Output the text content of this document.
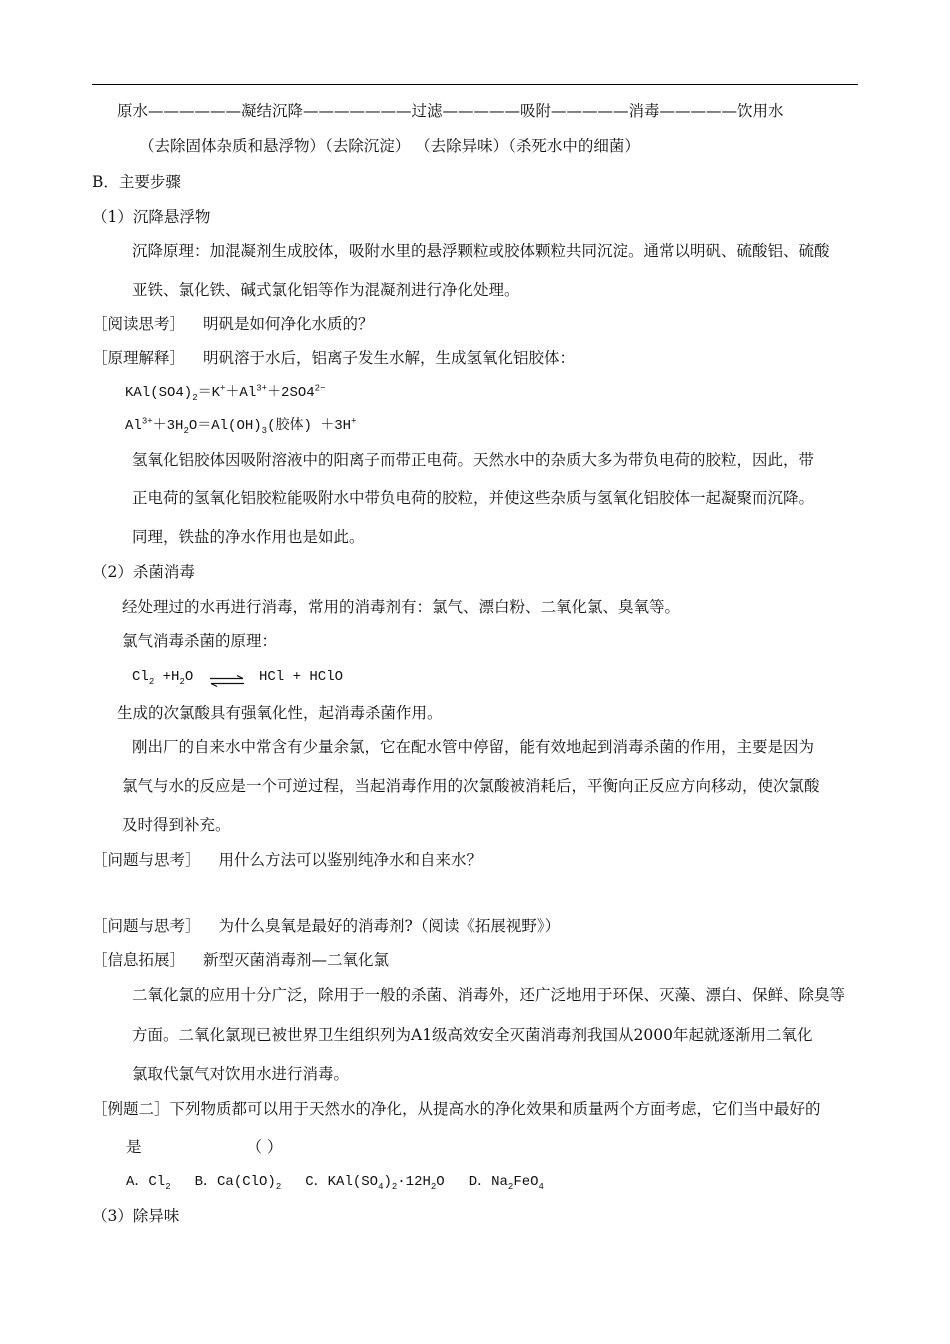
原水——————凝结沉降———————过滤—————吸附—————消毒—————饮用水
（去除固体杂质和悬浮物）（去除沉淀） （去除异味）（杀死水中的细菌）
B．主要步骤
（1）沉降悬浮物
沉降原理：加混凝剂生成胶体，吸附水里的悬浮颗粒或胶体颗粒共同沉淀。通常以明矾、硫酸铝、硫酸
亚铁、氯化铁、碱式氯化铝等作为混凝剂进行净化处理。
［阅读思考］ 明矾是如何净化水质的？
［原理解释］ 明矾溶于水后，铝离子发生水解，生成氢氧化铝胶体：
$KAl(SO4)_2=K^++Al^{3+}+2SO4^{2-}$
$Al^{3+}+3H_2O=Al(OH)_3$(胶体) ＋3H+
氢氧化铝胶体因吸附溶液中的阳离子而带正电荷。天然水中的杂质大多为带负电荷的胶粒，因此，带
正电荷的氢氧化铝胶粒能吸附水中带负电荷的胶粒，并使这些杂质与氢氧化铝胶体一起凝聚而沉降。
同理，铁盐的净水作用也是如此。
（2）杀菌消毒
经处理过的水再进行消毒，常用的消毒剂有：氯气、漂白粉、二氧化氯、臭氧等。
氯气消毒杀菌的原理：
$Cl_2 +H_2O$ ⇌ HCl + HClO
生成的次氯酸具有强氧化性，起消毒杀菌作用。
刚出厂的自来水中常含有少量余氯，它在配水管中停留，能有效地起到消毒杀菌的作用，主要是因为
氯气与水的反应是一个可逆过程，当起消毒作用的次氯酸被消耗后，平衡向正反应方向移动，使次氯酸
及时得到补充。
［问题与思考］ 用什么方法可以鉴别纯净水和自来水？
［问题与思考］ 为什么臭氧是最好的消毒剂?（阅读《拓展视野》）
［信息拓展］ 新型灭菌消毒剂—二氧化氯
二氧化氯的应用十分广泛，除用于一般的杀菌、消毒外，还广泛地用于环保、灭藻、漂白、保鲜、除臭等
方面。二氧化氯现已被世界卫生组织列为A1级高效安全灭菌消毒剂我国从2000年起就逐渐用二氧化
氯取代氯气对饮用水进行消毒。
［例题二］下列物质都可以用于天然水的净化，从提高水的净化效果和质量两个方面考虑，它们当中最好的
是	（ ）
A．$Cl_2$ B．$Ca(ClO)_2$ C．$KAl(SO_4)_2\cdot 12H_2O$ D．$Na_2FeO_4$
（3）除异味
